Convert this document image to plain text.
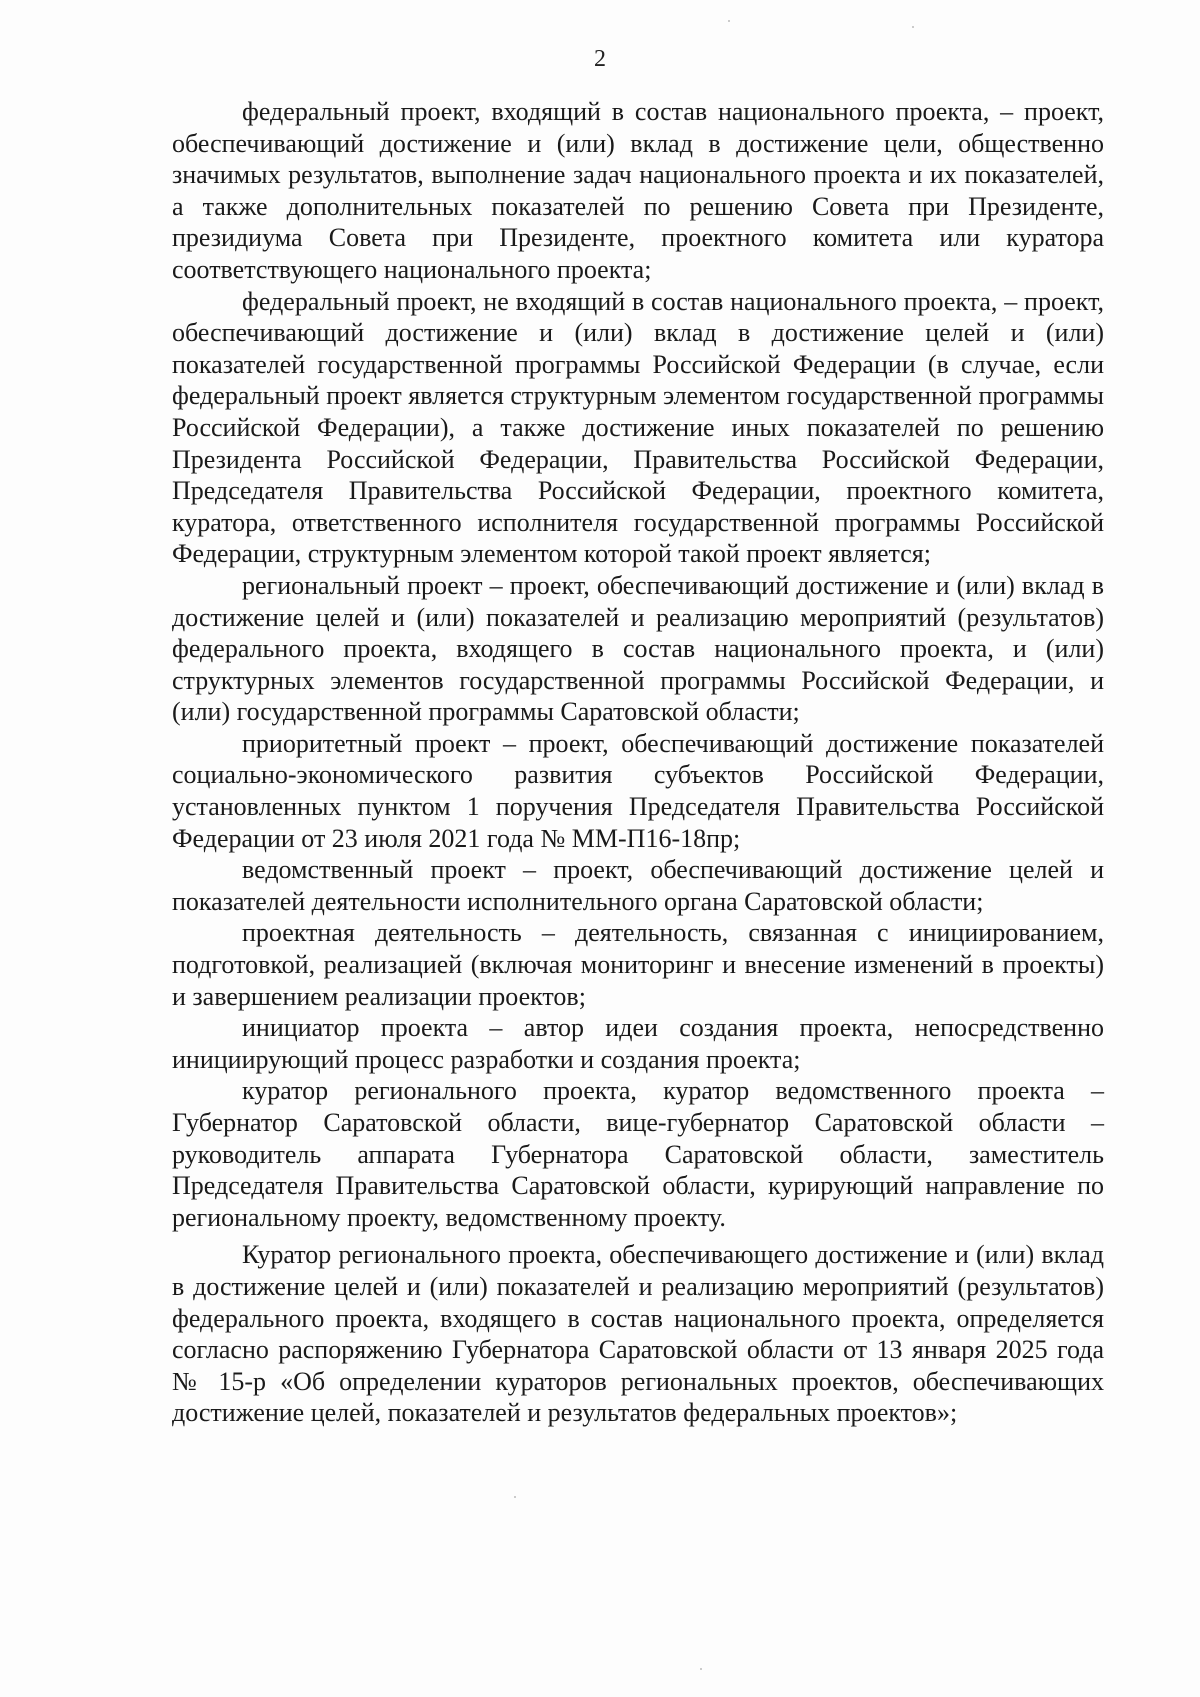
2

федеральный проект, входящий в состав национального проекта, – проект, обеспечивающий достижение и (или) вклад в достижение цели, общественно значимых результатов, выполнение задач национального проекта и их показателей, а также дополнительных показателей по решению Совета при Президенте, президиума Совета при Президенте, проектного комитета или куратора соответствующего национального проекта;

федеральный проект, не входящий в состав национального проекта, – проект, обеспечивающий достижение и (или) вклад в достижение целей и (или) показателей государственной программы Российской Федерации (в случае, если федеральный проект является структурным элементом государственной программы Российской Федерации), а также достижение иных показателей по решению Президента Российской Федерации, Правительства Российской Федерации, Председателя Правительства Российской Федерации, проектного комитета, куратора, ответственного исполнителя государственной программы Российской Федерации, структурным элементом которой такой проект является;

региональный проект – проект, обеспечивающий достижение и (или) вклад в достижение целей и (или) показателей и реализацию мероприятий (результатов) федерального проекта, входящего в состав национального проекта, и (или) структурных элементов государственной программы Российской Федерации, и (или) государственной программы Саратовской области;

приоритетный проект – проект, обеспечивающий достижение показателей социально-экономического развития субъектов Российской Федерации, установленных пунктом 1 поручения Председателя Правительства Российской Федерации от 23 июля 2021 года № ММ-П16-18пр;

ведомственный проект – проект, обеспечивающий достижение целей и показателей деятельности исполнительного органа Саратовской области;

проектная деятельность – деятельность, связанная с инициированием, подготовкой, реализацией (включая мониторинг и внесение изменений в проекты) и завершением реализации проектов;

инициатор проекта – автор идеи создания проекта, непосредственно инициирующий процесс разработки и создания проекта;

куратор регионального проекта, куратор ведомственного проекта – Губернатор Саратовской области, вице-губернатор Саратовской области – руководитель аппарата Губернатора Саратовской области, заместитель Председателя Правительства Саратовской области, курирующий направление по региональному проекту, ведомственному проекту.

Куратор регионального проекта, обеспечивающего достижение и (или) вклад в достижение целей и (или) показателей и реализацию мероприятий (результатов) федерального проекта, входящего в состав национального проекта, определяется согласно распоряжению Губернатора Саратовской области от 13 января 2025 года № 15-р «Об определении кураторов региональных проектов, обеспечивающих достижение целей, показателей и результатов федеральных проектов»;
